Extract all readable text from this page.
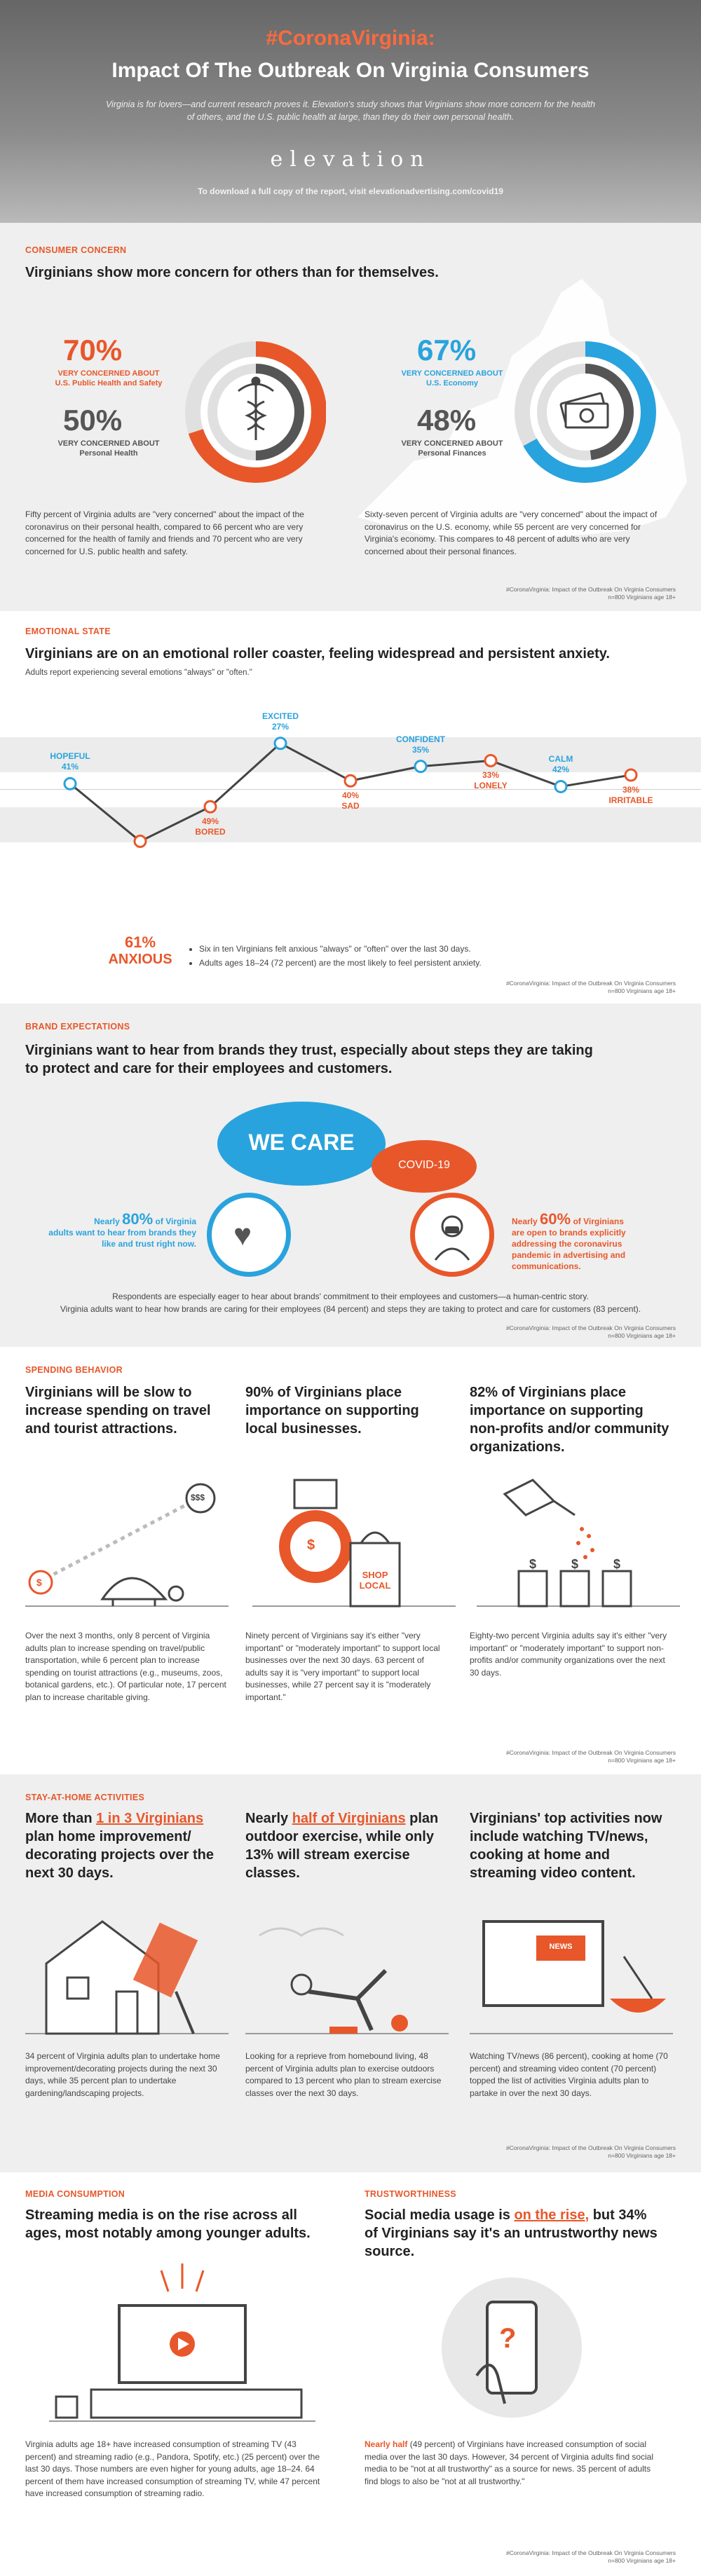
#CoronaVirginia:
Impact Of The Outbreak On Virginia Consumers
Virginia is for lovers—and current research proves it. Elevation's study shows that Virginians show more concern for the health of others, and the U.S. public health at large, than they do their own personal health.
elevation
To download a full copy of the report, visit elevationadvertising.com/covid19
CONSUMER CONCERN
Virginians show more concern for others than for themselves.
70%
VERY CONCERNED ABOUT
U.S. Public Health and Safety
50%
VERY CONCERNED ABOUT
Personal Health
67%
VERY CONCERNED ABOUT
U.S. Economy
48%
VERY CONCERNED ABOUT
Personal Finances
Fifty percent of Virginia adults are "very concerned" about the impact of the coronavirus on their personal health, compared to 66 percent who are very concerned for the health of family and friends and 70 percent who are very concerned for U.S. public health and safety.
Sixty-seven percent of Virginia adults are "very concerned" about the impact of coronavirus on the U.S. economy, while 55 percent are very concerned for Virginia's economy. This compares to 48 percent of adults who are very concerned about their personal finances.
#CoronaVirginia: Impact of the Outbreak On Virginia Consumers
n=800 Virginians age 18+
EMOTIONAL STATE
Virginians are on an emotional roller coaster, feeling widespread and persistent anxiety.
Adults report experiencing several emotions "always" or "often."
HOPEFUL
41%
49%
BORED
EXCITED
27%
40%
SAD
CONFIDENT
35%
33%
LONELY
CALM
42%
38%
IRRITABLE
61%
ANXIOUS
• Six in ten Virginians felt anxious "always" or "often" over the last 30 days.
• Adults ages 18–24 (72 percent) are the most likely to feel persistent anxiety.
#CoronaVirginia: Impact of the Outbreak On Virginia Consumers
n=800 Virginians age 18+
BRAND EXPECTATIONS
Virginians want to hear from brands they trust, especially about steps they are taking
to protect and care for their employees and customers.
WE CARE
COVID-19
♥
Nearly 80% of Virginia
adults want to hear from brands they like and trust right now.
Nearly 60% of Virginians
are open to brands explicitly addressing the coronavirus pandemic in advertising and communications.
Respondents are especially eager to hear about brands' commitment to their employees and customers—a human-centric story.
Virginia adults want to hear how brands are caring for their employees (84 percent) and steps they are taking to protect and care for customers (83 percent).
#CoronaVirginia: Impact of the Outbreak On Virginia Consumers
n=800 Virginians age 18+
SPENDING BEHAVIOR
Virginians will be slow to increase spending on travel and tourist attractions.
90% of Virginians place importance on supporting local businesses.
82% of Virginians place importance on supporting non-profits and/or community organizations.
$
$$$
$
SHOP LOCAL
$	$	$
Over the next 3 months, only 8 percent of Virginia adults plan to increase spending on travel/public transportation, while 6 percent plan to increase spending on tourist attractions (e.g., museums, zoos, botanical gardens, etc.). Of particular note, 17 percent plan to increase charitable giving.
Ninety percent of Virginians say it's either "very important" or "moderately important" to support local businesses over the next 30 days. 63 percent of adults say it is "very important" to support local businesses, while 27 percent say it is "moderately important."
Eighty-two percent Virginia adults say it's either "very important" or "moderately important" to support non-profits and/or community organizations over the next 30 days.
#CoronaVirginia: Impact of the Outbreak On Virginia Consumers
n=800 Virginians age 18+
STAY-AT-HOME ACTIVITIES
More than 1 in 3 Virginians plan home improvement/ decorating projects over the next 30 days.
Nearly half of Virginians plan outdoor exercise, while only 13% will stream exercise classes.
Virginians' top activities now include watching TV/news, cooking at home and streaming video content.
NEWS
34 percent of Virginia adults plan to undertake home improvement/decorating projects during the next 30 days, while 35 percent plan to undertake gardening/landscaping projects.
Looking for a reprieve from homebound living, 48 percent of Virginia adults plan to exercise outdoors compared to 13 percent who plan to stream exercise classes over the next 30 days.
Watching TV/news (86 percent), cooking at home (70 percent) and streaming video content (70 percent) topped the list of activities Virginia adults plan to partake in over the next 30 days.
#CoronaVirginia: Impact of the Outbreak On Virginia Consumers
n=800 Virginians age 18+
MEDIA CONSUMPTION
Streaming media is on the rise across all ages, most notably among younger adults.
Virginia adults age 18+ have increased consumption of streaming TV (43 percent) and streaming radio (e.g., Pandora, Spotify, etc.) (25 percent) over the last 30 days. Those numbers are even higher for young adults, age 18–24. 64 percent of them have increased consumption of streaming TV, while 47 percent have increased consumption of streaming radio.
TRUSTWORTHINESS
Social media usage is on the rise, but 34% of Virginians say it's an untrustworthy news source.
?
Nearly half (49 percent) of Virginians have increased consumption of social media over the last 30 days. However, 34 percent of Virginia adults find social media to be "not at all trustworthy" as a source for news. 35 percent of adults find blogs to also be "not at all trustworthy."
#CoronaVirginia: Impact of the Outbreak On Virginia Consumers
n=800 Virginians age 18+
